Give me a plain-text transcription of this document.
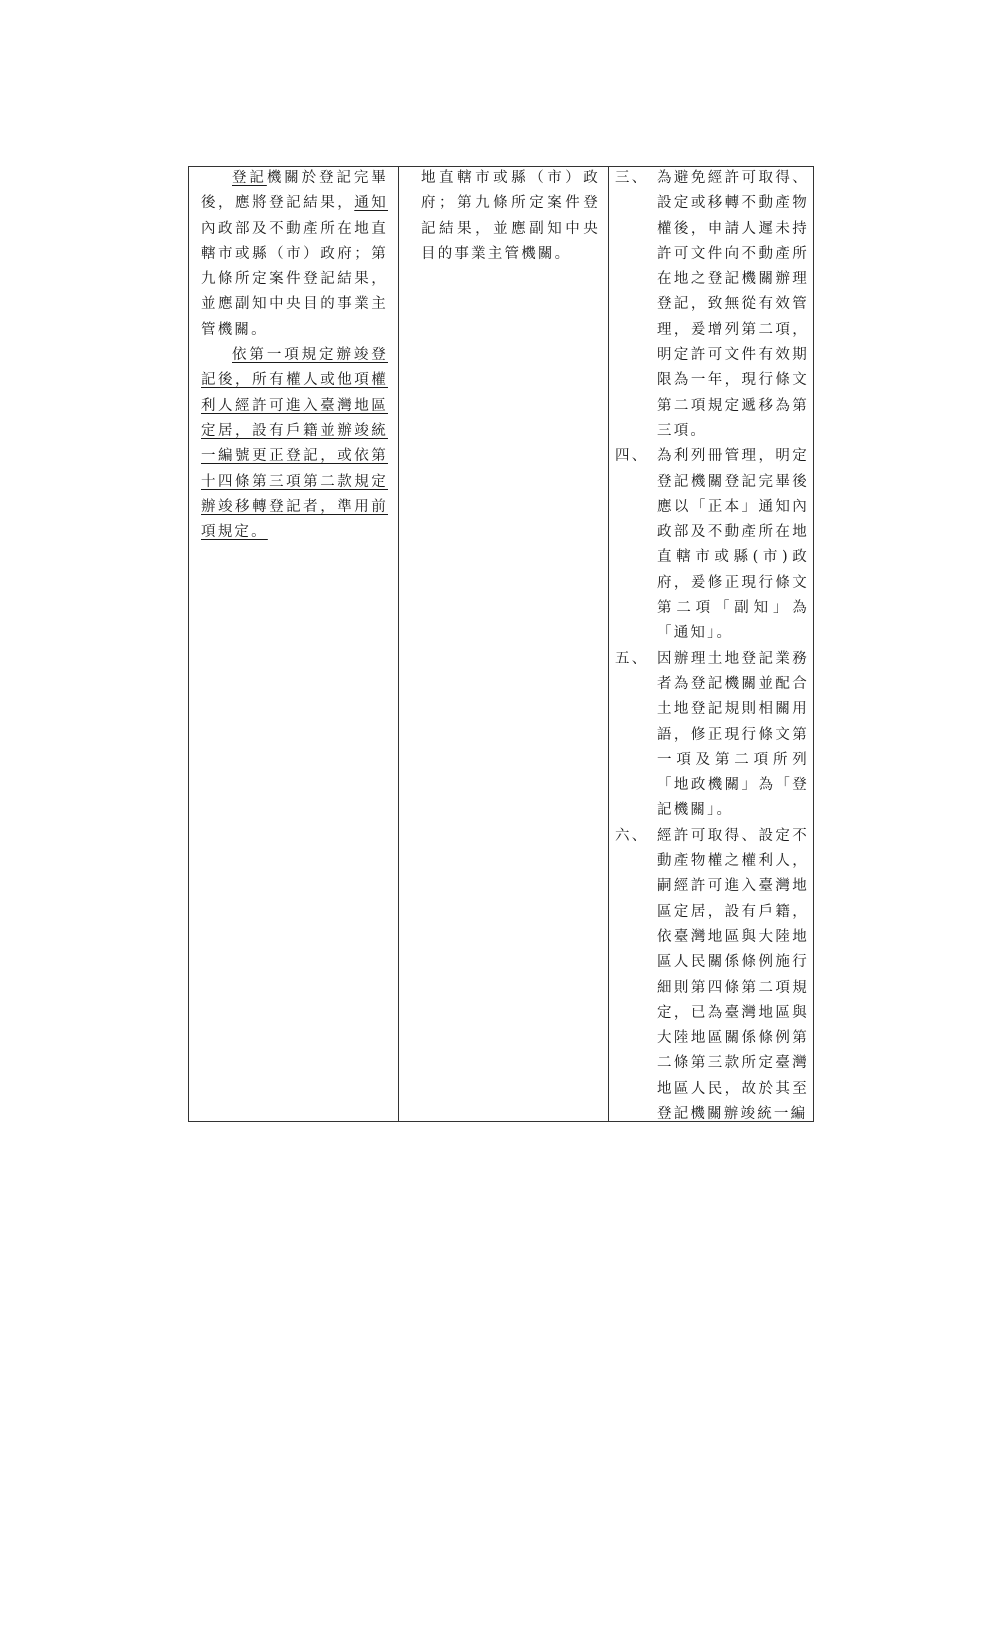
登記機關於登記完畢後，應將登記結果，通知內政部及不動產所在地直轄市或縣（市）政府；第九條所定案件登記結果，並應副知中央目的事業主管機關。

依第一項規定辦竣登記後，所有權人或他項權利人經許可進入臺灣地區定居，設有戶籍並辦竣統一編號更正登記，或依第十四條第三項第二款規定辦竣移轉登記者，準用前項規定。

地直轄市或縣（市）政府；第九條所定案件登記結果，並應副知中央目的事業主管機關。

三、 為避免經許可取得、設定或移轉不動產物權後，申請人遲未持許可文件向不動產所在地之登記機關辦理登記，致無從有效管理，爰增列第二項，明定許可文件有效期限為一年，現行條文第二項規定遞移為第三項。
四、 為利列冊管理，明定登記機關登記完畢後應以「正本」通知內政部及不動產所在地直轄市或縣(市)政府，爰修正現行條文第二項「副知」為「通知」。
五、 因辦理土地登記業務者為登記機關並配合土地登記規則相關用語，修正現行條文第一項及第二項所列「地政機關」為「登記機關」。
六、 經許可取得、設定不動產物權之權利人，嗣經許可進入臺灣地區定居，設有戶籍，依臺灣地區與大陸地區人民關係條例施行細則第四條第二項規定，已為臺灣地區與大陸地區關係條例第二條第三款所定臺灣地區人民，故於其至登記機關辦竣統一編
